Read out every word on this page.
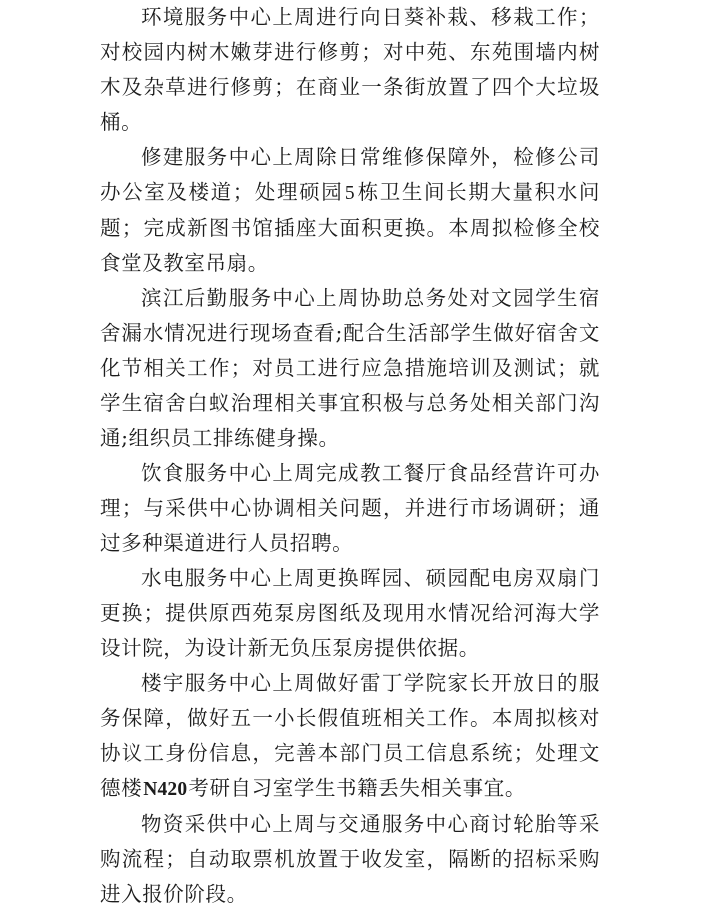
环境服务中心上周进行向日葵补栽、移栽工作；对校园内树木嫩芽进行修剪；对中苑、东苑围墙内树木及杂草进行修剪；在商业一条街放置了四个大垃圾桶。

修建服务中心上周除日常维修保障外，检修公司办公室及楼道；处理硕园5栋卫生间长期大量积水问题；完成新图书馆插座大面积更换。本周拟检修全校食堂及教室吊扇。

滨江后勤服务中心上周协助总务处对文园学生宿舍漏水情况进行现场查看;配合生活部学生做好宿舍文化节相关工作；对员工进行应急措施培训及测试；就学生宿舍白蚁治理相关事宜积极与总务处相关部门沟通;组织员工排练健身操。

饮食服务中心上周完成教工餐厅食品经营许可办理；与采供中心协调相关问题，并进行市场调研；通过多种渠道进行人员招聘。

水电服务中心上周更换晖园、硕园配电房双扇门更换；提供原西苑泵房图纸及现用水情况给河海大学设计院，为设计新无负压泵房提供依据。

楼宇服务中心上周做好雷丁学院家长开放日的服务保障，做好五一小长假值班相关工作。本周拟核对协议工身份信息，完善本部门员工信息系统；处理文德楼N420考研自习室学生书籍丢失相关事宜。

物资采供中心上周与交通服务中心商讨轮胎等采购流程；自动取票机放置于收发室，隔断的招标采购进入报价阶段。
